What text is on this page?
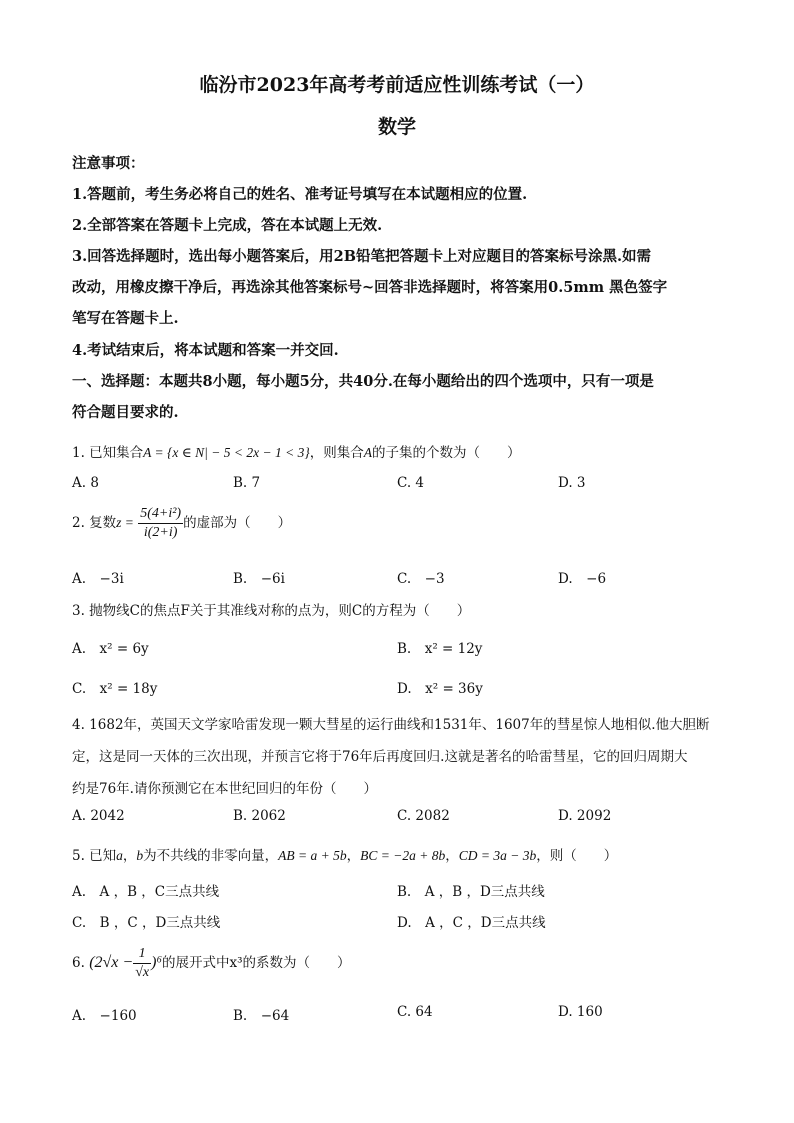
临汾市2023年高考考前适应性训练考试（一）
数学
注意事项：
1.答题前，考生务必将自己的姓名、准考证号填写在本试题相应的位置.
2.全部答案在答题卡上完成，答在本试题上无效.
3.回答选择题时，选出每小题答案后，用2B铅笔把答题卡上对应题目的答案标号涂黑.如需
改动，用橡皮擦干净后，再选涂其他答案标号~回答非选择题时，将答案用0.5mm 黑色签字
笔写在答题卡上.
4.考试结束后，将本试题和答案一并交回.
一、选择题：本题共8小题，每小题5分，共40分.在每小题给出的四个选项中，只有一项是
符合题目要求的.
1. 已知集合A = {x ∈ N| − 5 < 2x − 1 < 3}，则集合A的子集的个数为（　　）
A. 8	B. 7	C. 4	D. 3
2. 复数$z = \frac{\text{5(4+i²)}}{i(2+i)}$ 的虚部为（　　）
A.　−3i	B.　−6i	C.　−3	D.　−6
3. 抛物线C的焦点F关于其准线对称的点为，则C的方程为（　　）
A.　x² = 6y	B.　x² = 12y
C.　x² = 18y	D.　x² = 36y
4. 1682年，英国天文学家哈雷发现一颗大彗星的运行曲线和1531年、1607年的彗星惊人地相似.他大胆断
定，这是同一天体的三次出现，并预言它将于76年后再度回归.这就是著名的哈雷彗星，它的回归周期大
约是76年.请你预测它在本世纪回归的年份（　　）
A. 2042	B. 2062	C. 2082	D. 2092
5. 已知a，b为不共线的非零向量，AB = a + 5b，BC = −2a + 8b，CD = 3a − 3b，则（　　）
A.　A ，B ，C三点共线	B.　A ，B ，D三点共线
C.　B ，C ，D三点共线	D.　A ，C ，D三点共线
6. $(2√x - \frac{1}{√x} )^6$的展开式中x³的系数为（　　）
A.　−160	B.　−64	C. 64	D. 160
